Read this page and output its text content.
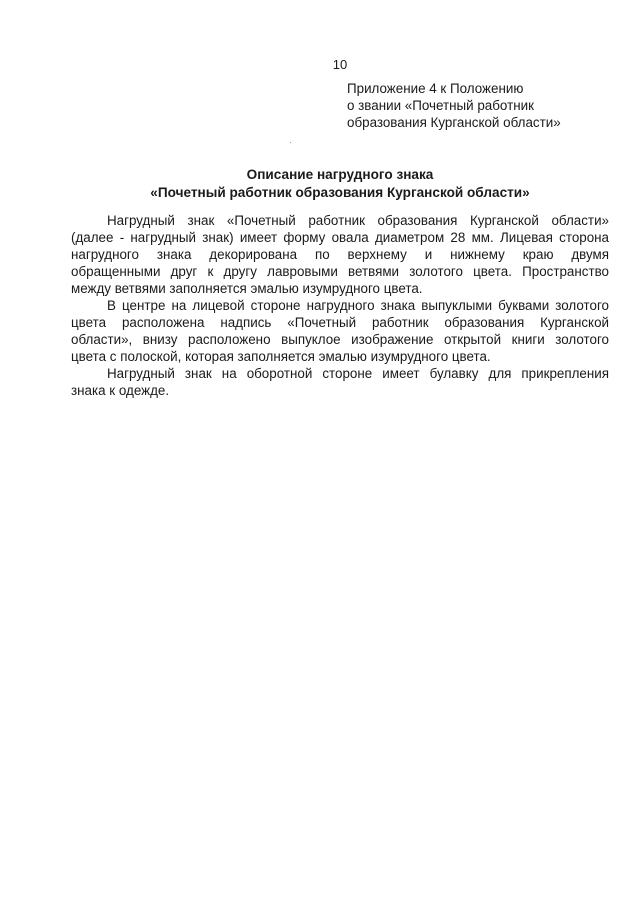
10
Приложение 4 к Положению
о звании «Почетный работник
образования Курганской области»
Описание нагрудного знака
«Почетный работник образования Курганской области»
Нагрудный знак «Почетный работник образования Курганской области»
(далее - нагрудный знак) имеет форму овала диаметром 28 мм. Лицевая сторона
нагрудного знака декорирована по верхнему и нижнему краю двумя
обращенными друг к другу лавровыми ветвями золотого цвета. Пространство
между ветвями заполняется эмалью изумрудного цвета.
В центре на лицевой стороне нагрудного знака выпуклыми буквами золотого
цвета расположена надпись «Почетный работник образования Курганской
области», внизу расположено выпуклое изображение открытой книги золотого
цвета с полоской, которая заполняется эмалью изумрудного цвета.
Нагрудный знак на оборотной стороне имеет булавку для прикрепления
знака к одежде.
